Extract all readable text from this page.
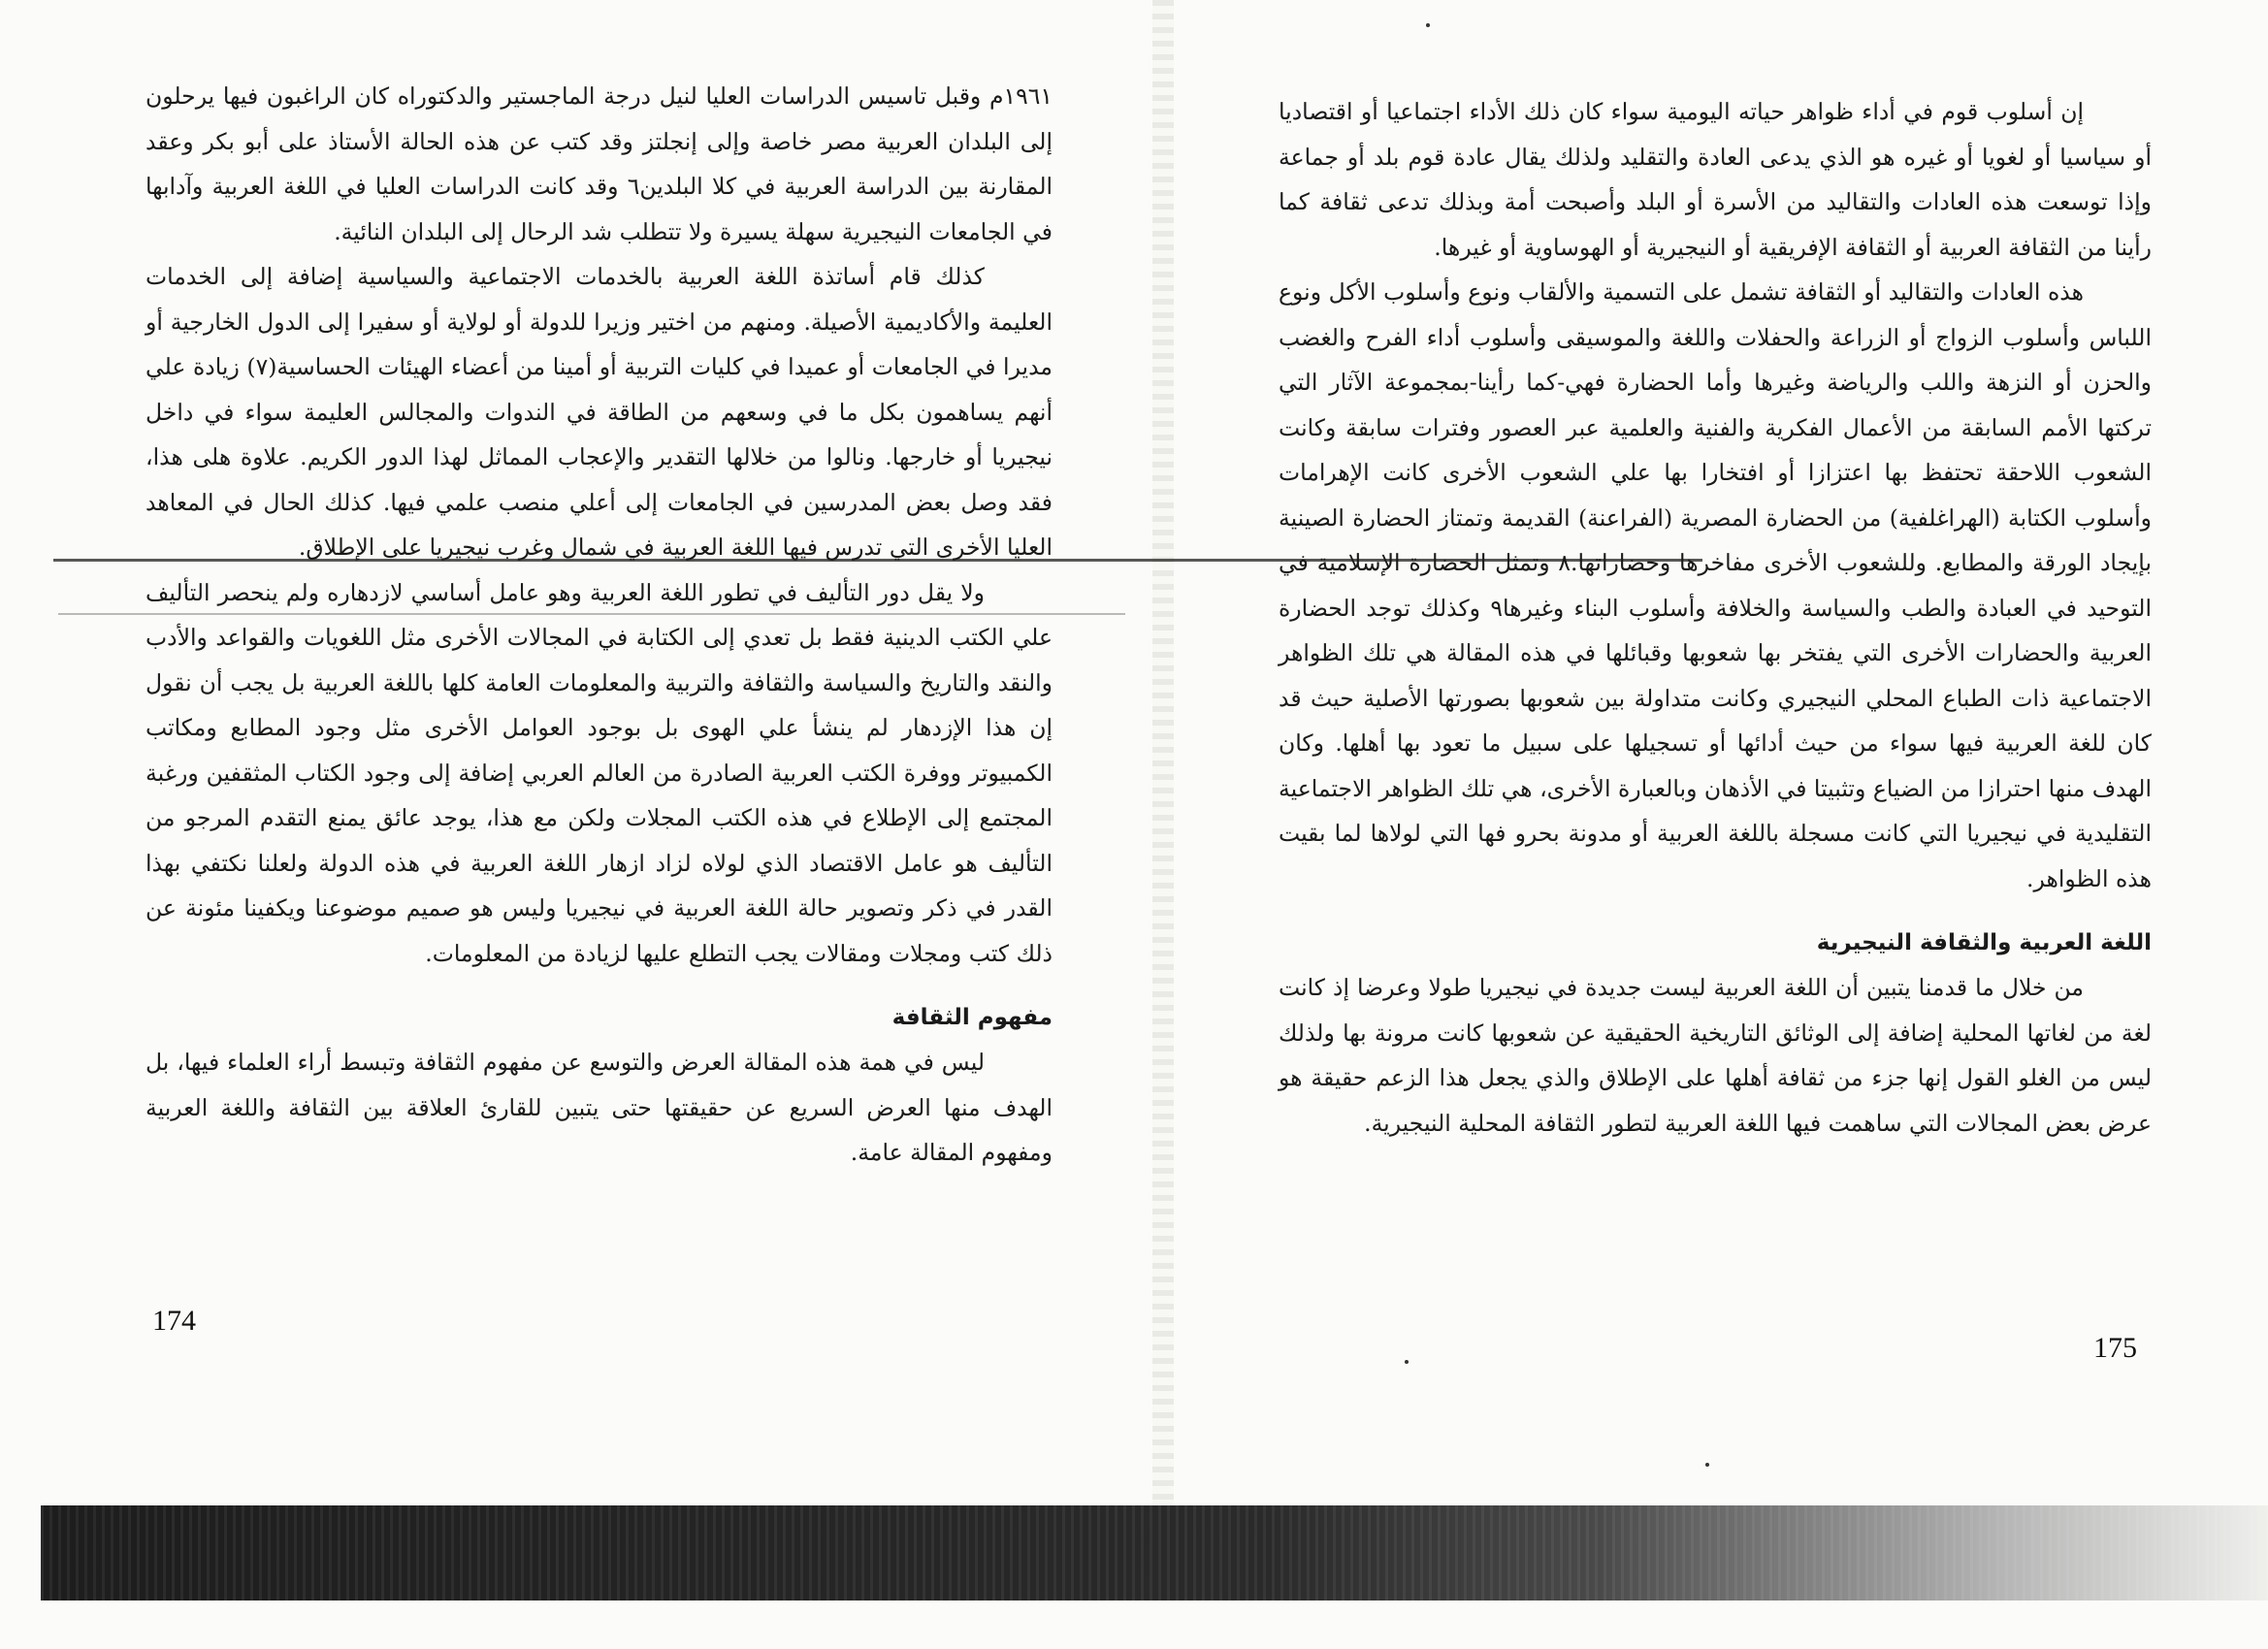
١٩٦١م وقبل تاسيس الدراسات العليا لنيل درجة الماجستير والدكتوراه كان الراغبون فيها يرحلون إلى البلدان العربية مصر خاصة وإلى إنجلتز وقد كتب عن هذه الحالة الأستاذ على أبو بكر وعقد المقارنة بين الدراسة العربية في كلا البلدين٦ وقد كانت الدراسات العليا في اللغة العربية وآدابها في الجامعات النيجيرية سهلة يسيرة ولا تتطلب شد الرحال إلى البلدان النائية.

كذلك قام أساتذة اللغة العربية بالخدمات الاجتماعية والسياسية إضافة إلى الخدمات العليمة والأكاديمية الأصيلة. ومنهم من اختير وزيرا للدولة أو لولاية أو سفيرا إلى الدول الخارجية أو مديرا في الجامعات أو عميدا في كليات التربية أو أمينا من أعضاء الهيئات الحساسية(٧) زيادة علي أنهم يساهمون بكل ما في وسعهم من الطاقة في الندوات والمجالس العليمة سواء في داخل نيجيريا أو خارجها. ونالوا من خلالها التقدير والإعجاب المماثل لهذا الدور الكريم. علاوة هلى هذا، فقد وصل بعض المدرسين في الجامعات إلى أعلي منصب علمي فيها. كذلك الحال في المعاهد العليا الأخرى التي تدرس فيها اللغة العربية في شمال وغرب نيجيريا على الإطلاق.

ولا يقل دور التأليف في تطور اللغة العربية وهو عامل أساسي لازدهاره ولم ينحصر التأليف علي الكتب الدينية فقط بل تعدي إلى الكتابة في المجالات الأخرى مثل اللغويات والقواعد والأدب والنقد والتاريخ والسياسة والثقافة والتربية والمعلومات العامة كلها باللغة العربية بل يجب أن نقول إن هذا الإزدهار لم ينشأ علي الهوى بل بوجود العوامل الأخرى مثل وجود المطابع ومكاتب الكمبيوتر ووفرة الكتب العربية الصادرة من العالم العربي إضافة إلى وجود الكتاب المثقفين ورغبة المجتمع إلى الإطلاع في هذه الكتب المجلات ولكن مع هذا، يوجد عائق يمنع التقدم المرجو من التأليف هو عامل الاقتصاد الذي لولاه لزاد ازهار اللغة العربية في هذه الدولة ولعلنا نكتفي بهذا القدر في ذكر وتصوير حالة اللغة العربية في نيجيريا وليس هو صميم موضوعنا ويكفينا مئونة عن ذلك كتب ومجلات ومقالات يجب التطلع عليها لزيادة من المعلومات.

مفهوم الثقافة

ليس في همة هذه المقالة العرض والتوسع عن مفهوم الثقافة وتبسط أراء العلماء فيها، بل الهدف منها العرض السريع عن حقيقتها حتى يتبين للقارئ العلاقة بين الثقافة واللغة العربية ومفهوم المقالة عامة.

174

إن أسلوب قوم في أداء ظواهر حياته اليومية سواء كان ذلك الأداء اجتماعيا أو اقتصاديا أو سياسيا أو لغويا أو غيره هو الذي يدعى العادة والتقليد ولذلك يقال عادة قوم بلد أو جماعة وإذا توسعت هذه العادات والتقاليد من الأسرة أو البلد وأصبحت أمة وبذلك تدعى ثقافة كما رأينا من الثقافة العربية أو الثقافة الإفريقية أو النيجيرية أو الهوساوية أو غيرها.

هذه العادات والتقاليد أو الثقافة تشمل على التسمية والألقاب ونوع وأسلوب الأكل ونوع اللباس وأسلوب الزواج أو الزراعة والحفلات واللغة والموسيقى وأسلوب أداء الفرح والغضب والحزن أو النزهة واللب والرياضة وغيرها وأما الحضارة فهي-كما رأينا-بمجموعة الآثار التي تركتها الأمم السابقة من الأعمال الفكرية والفنية والعلمية عبر العصور وفترات سابقة وكانت الشعوب اللاحقة تحتفظ بها اعتزازا أو افتخارا بها علي الشعوب الأخرى كانت الإهرامات وأسلوب الكتابة (الهراغلفية) من الحضارة المصرية (الفراعنة) القديمة وتمتاز الحضارة الصينية بإيجاد الورقة والمطابع. وللشعوب الأخرى مفاخرها وحضاراتها.٨ وتمثل الحضارة الإسلامية في التوحيد في العبادة والطب والسياسة والخلافة وأسلوب البناء وغيرها٩ وكذلك توجد الحضارة العربية والحضارات الأخرى التي يفتخر بها شعوبها وقبائلها في هذه المقالة هي تلك الظواهر الاجتماعية ذات الطباع المحلي النيجيري وكانت متداولة بين شعوبها بصورتها الأصلية حيث قد كان للغة العربية فيها سواء من حيث أدائها أو تسجيلها على سبيل ما تعود بها أهلها. وكان الهدف منها احترازا من الضياع وتثبيتا في الأذهان وبالعبارة الأخرى، هي تلك الظواهر الاجتماعية التقليدية في نيجيريا التي كانت مسجلة باللغة العربية أو مدونة بحرو فها التي لولاها لما بقيت هذه الظواهر.

اللغة العربية والثقافة النيجيرية

من خلال ما قدمنا يتبين أن اللغة العربية ليست جديدة في نيجيريا طولا وعرضا إذ كانت لغة من لغاتها المحلية إضافة إلى الوثائق التاريخية الحقيقية عن شعوبها كانت مرونة بها ولذلك ليس من الغلو القول إنها جزء من ثقافة أهلها على الإطلاق والذي يجعل هذا الزعم حقيقة هو عرض بعض المجالات التي ساهمت فيها اللغة العربية لتطور الثقافة المحلية النيجيرية.

175
